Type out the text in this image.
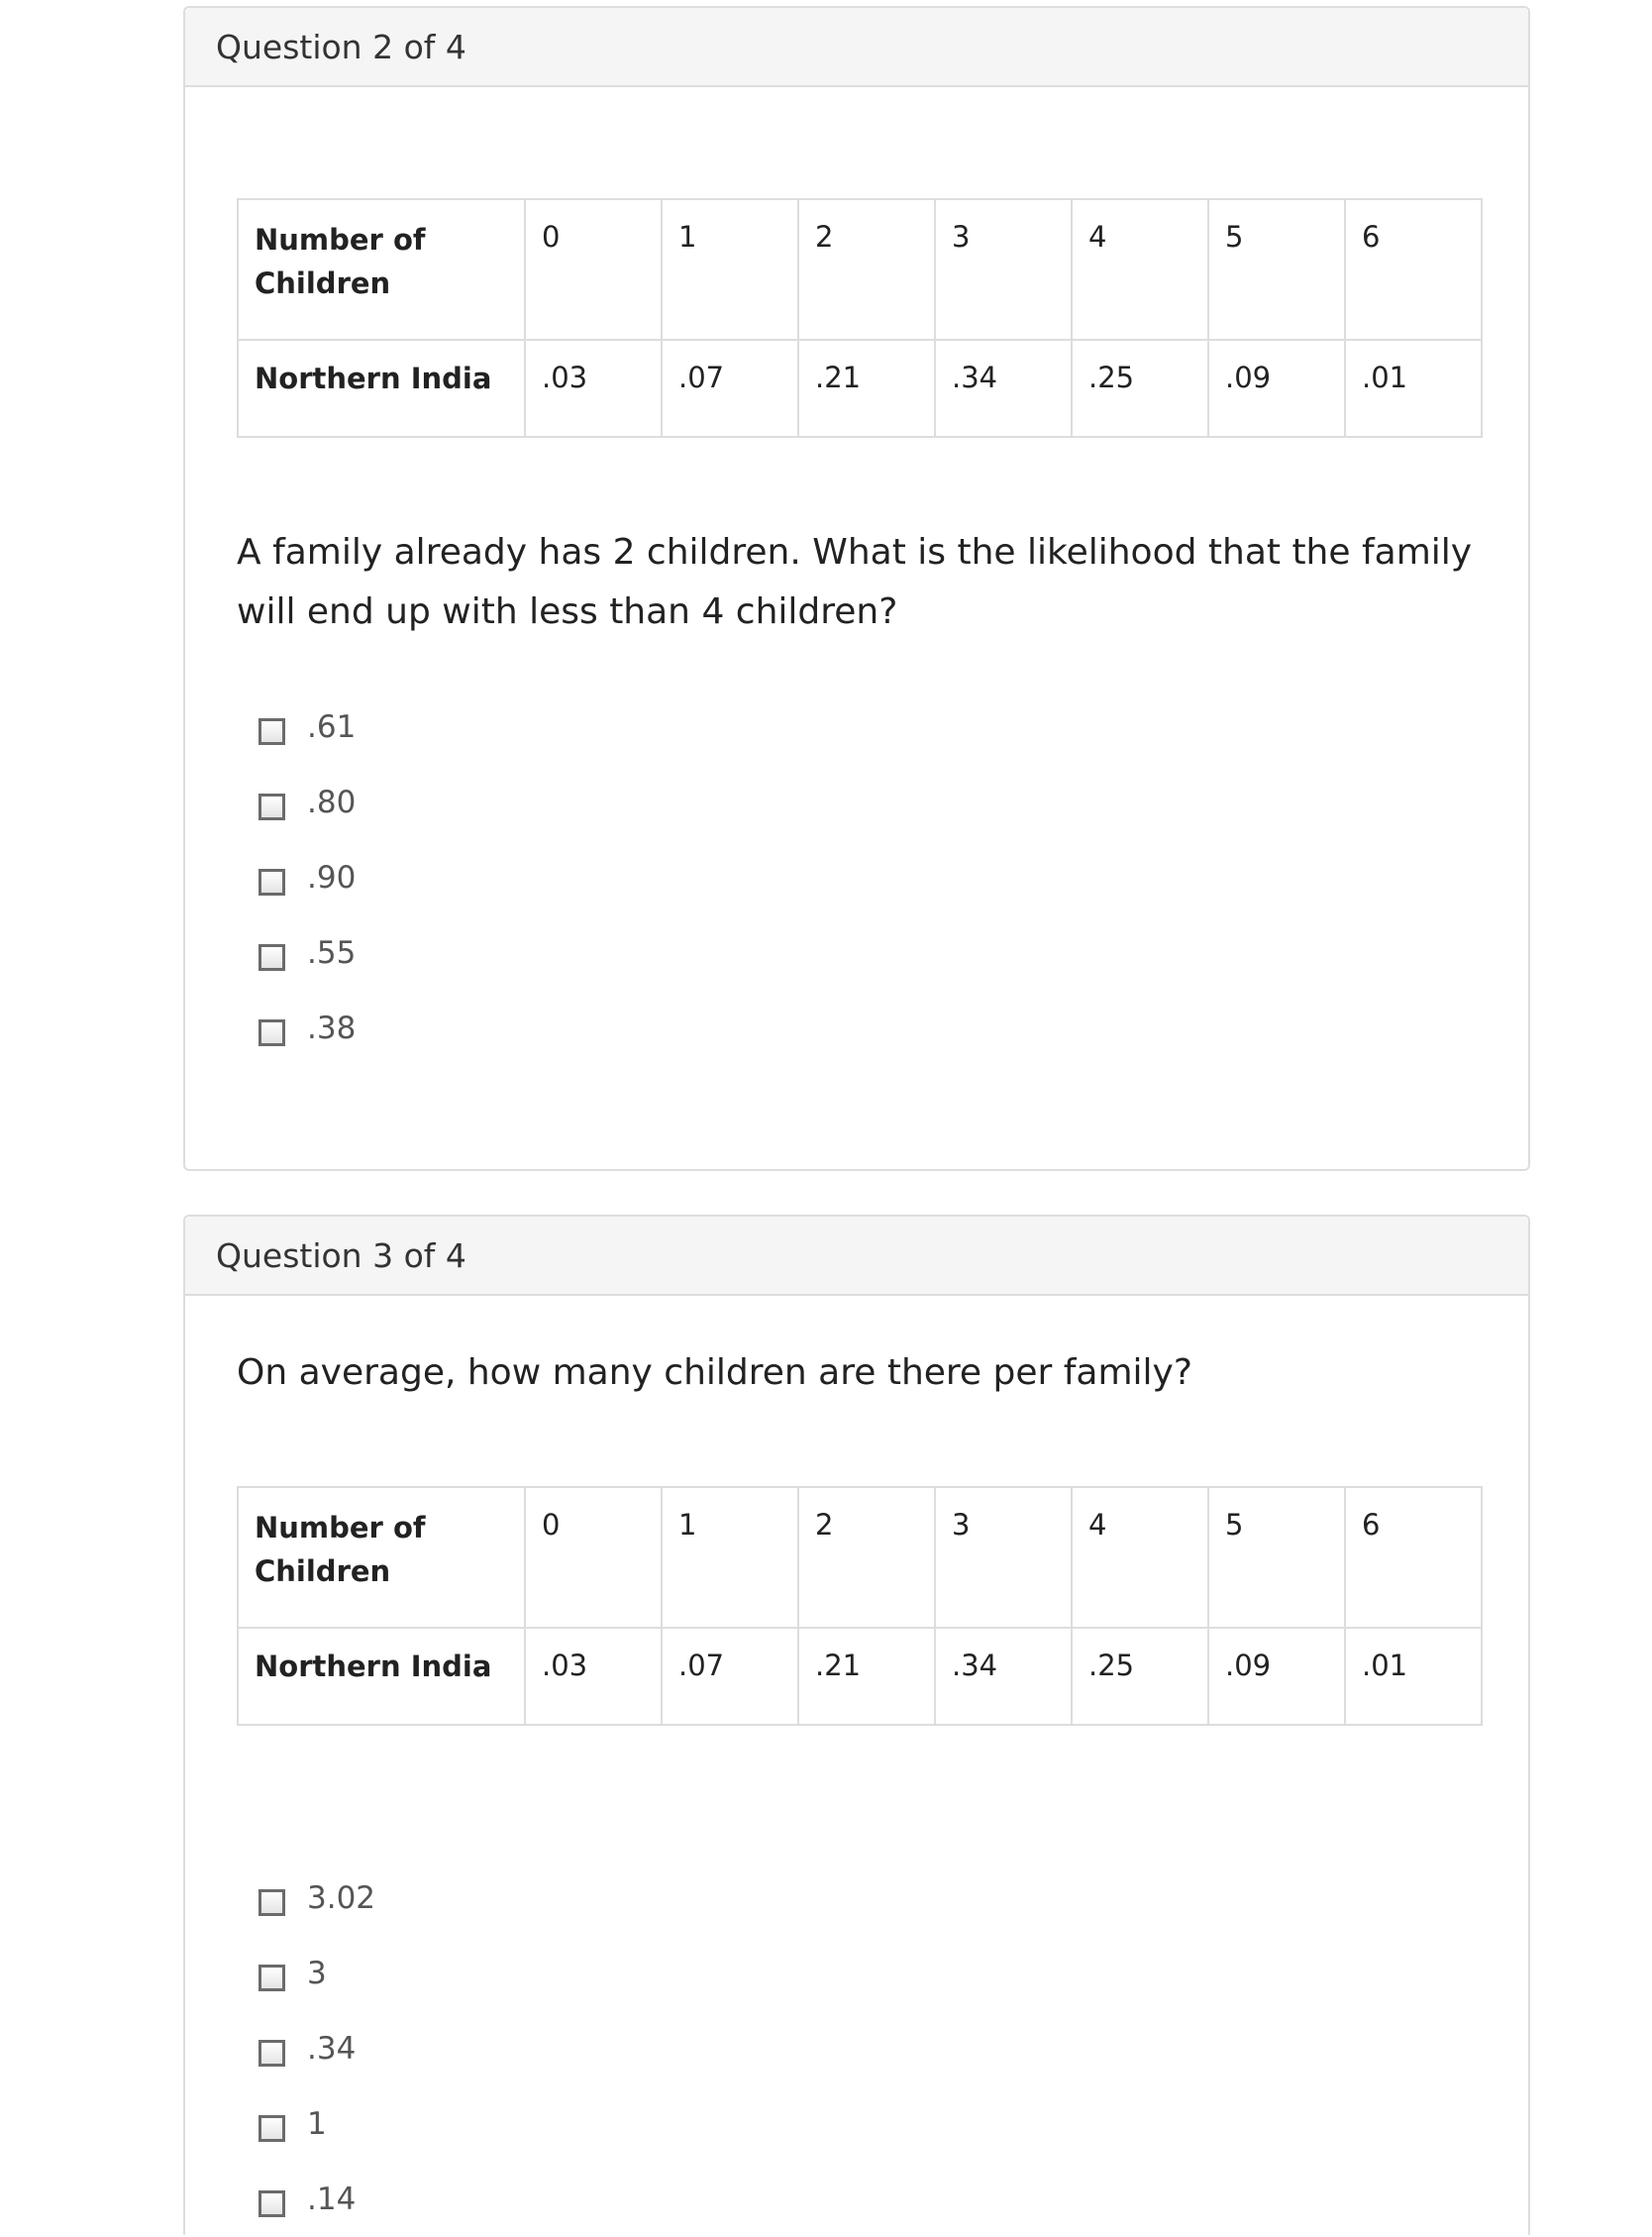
Question 2 of 4
Number of Children	0	1	2	3	4	5	6
Northern India	.03	.07	.21	.34	.25	.09	.01
A family already has 2 children. What is the likelihood that the family will end up with less than 4 children?
.61
.80
.90
.55
.38
Question 3 of 4
On average, how many children are there per family?
Number of Children	0	1	2	3	4	5	6
Northern India	.03	.07	.21	.34	.25	.09	.01
3.02
3
.34
1
.14
